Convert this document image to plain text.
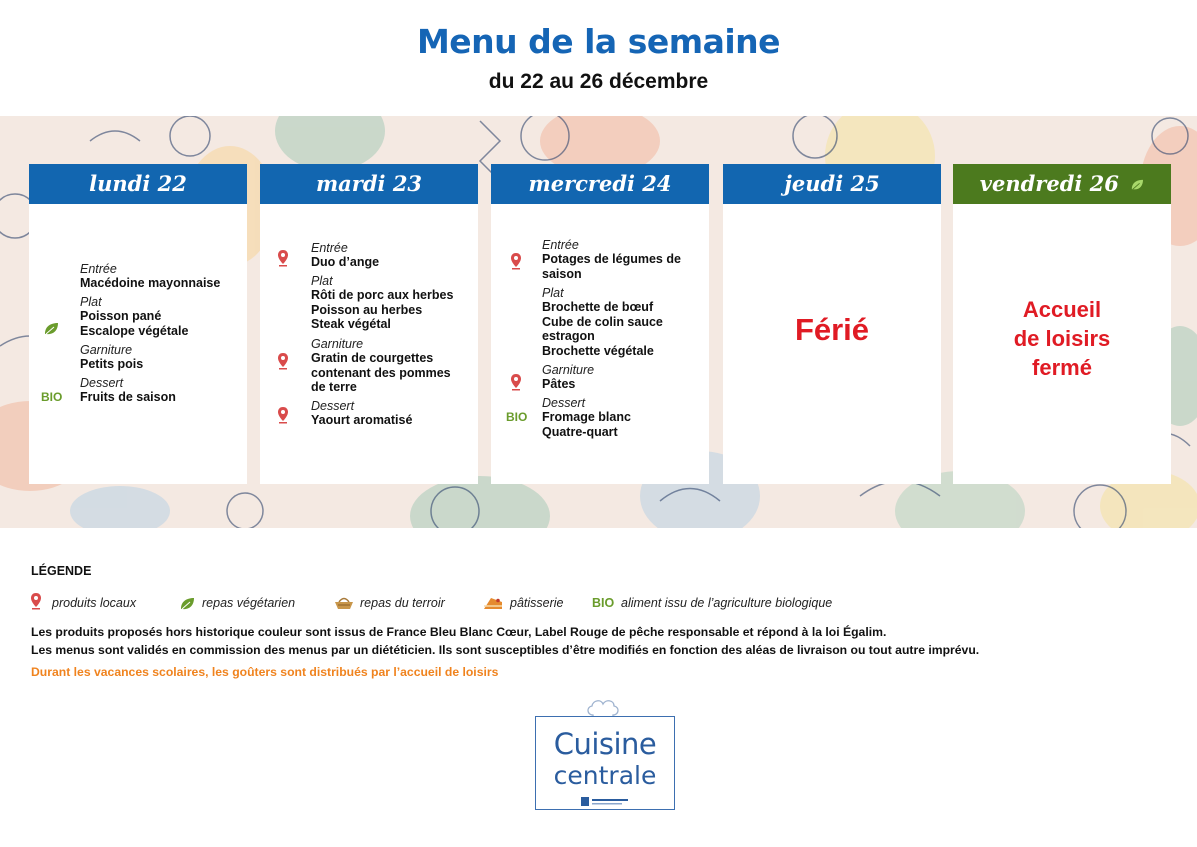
Menu de la semaine
du 22 au 26 décembre
lundi 22
Entrée
Macédoine mayonnaise
Plat
Poisson pané
Escalope végétale
Garniture
Petits pois
Dessert
Fruits de saison
BIO
mardi 23
Entrée
Duo d’ange
Plat
Rôti de porc aux herbes
Poisson au herbes
Steak végétal
Garniture
Gratin de courgettes
contenant des pommes
de terre
Dessert
Yaourt aromatisé
mercredi 24
Entrée
Potages de légumes de
saison
Plat
Brochette de bœuf
Cube de colin sauce
estragon
Brochette végétale
Garniture
Pâtes
Dessert
Fromage blanc
Quatre-quart
BIO
jeudi 25
Férié
vendredi 26
Accueil
de loisirs
fermé
LÉGENDE
produits locaux	repas végétarien	repas du terroir	pâtisserie BIO aliment issu de l’agriculture biologique
Les produits proposés hors historique couleur sont issus de France Bleu Blanc Cœur, Label Rouge de pêche responsable et répond à la loi Égalim.
Les menus sont validés en commission des menus par un diététicien. Ils sont susceptibles d’être modifiés en fonction des aléas de livraison ou tout autre imprévu.
Durant les vacances scolaires, les goûters sont distribués par l’accueil de loisirs
Cuisine
centrale
